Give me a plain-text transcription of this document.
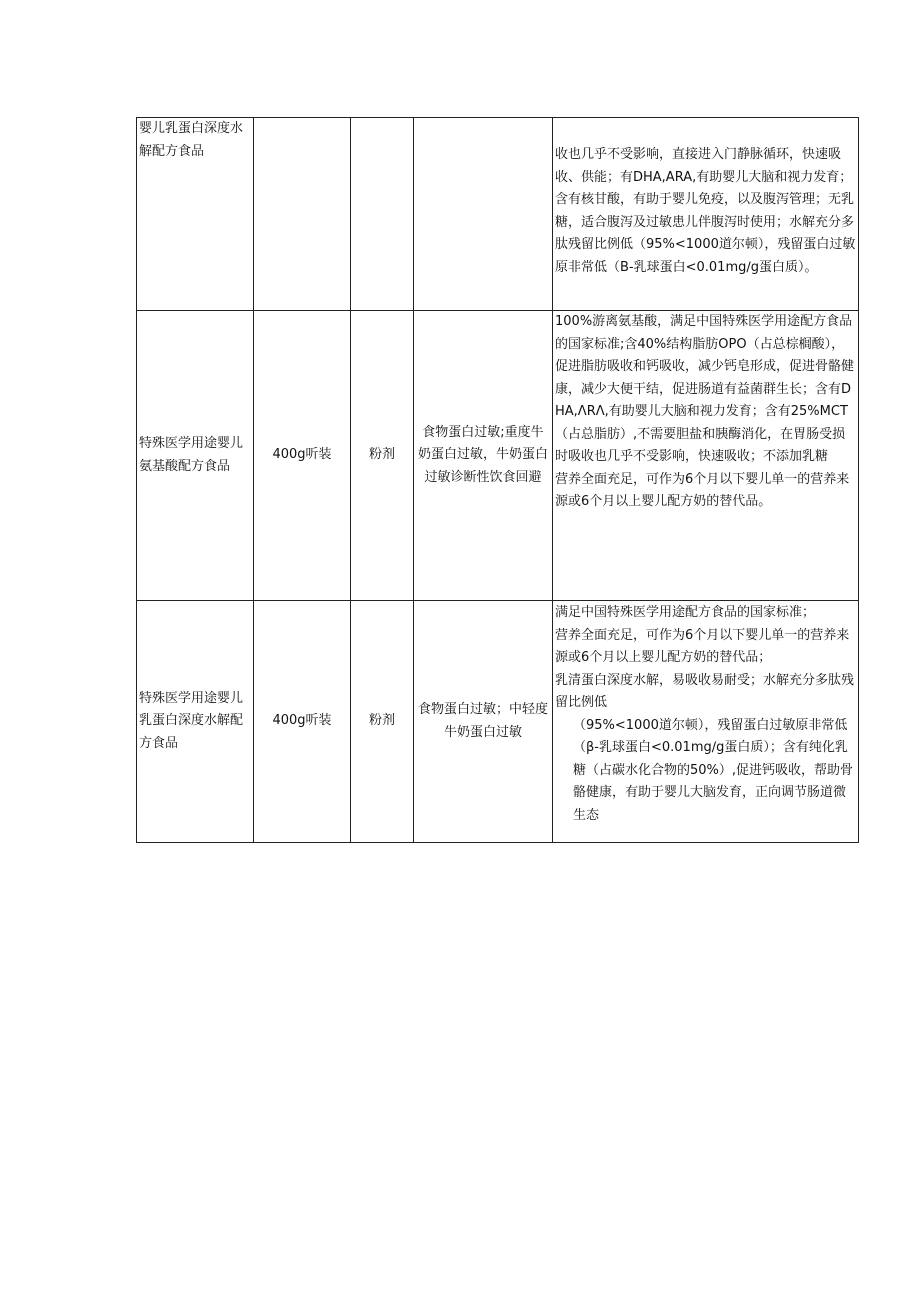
婴儿乳蛋白深度水解配方食品				收也几乎不受影响，直接进入门静脉循环，快速吸收、供能；有DHA,ARA,有助婴儿大脑和视力发育；含有核甘酸，有助于婴儿免疫，以及腹泻管理；无乳糖，适合腹泻及过敏患儿伴腹泻时使用；水解充分多肽残留比例低（95%<1000道尔顿），残留蛋白过敏原非常低（B-乳球蛋白<0.01mg∕g蛋白质）。

特殊医学用途婴儿氨基酸配方食品	400g听装	粉剂	食物蛋白过敏;重度牛奶蛋白过敏，牛奶蛋白过敏诊断性饮食回避	100%游离氨基酸，满足中国特殊医学用途配方食品的国家标准;含40%结构脂肪OPO（占总棕榈酸），促进脂肪吸收和钙吸收，减少钙皂形成，促进骨骼健康，减少大便干结，促进肠道有益菌群生长；含有DHA,ΛRΛ,有助婴儿大脑和视力发育；含有25%MCT（占总脂肪）,不需要胆盐和胰酶消化，在胃肠受损时吸收也几乎不受影响，快速吸收；不添加乳糖
营养全面充足，可作为6个月以下婴儿单一的营养来源或6个月以上婴儿配方奶的替代品。

特殊医学用途婴儿乳蛋白深度水解配方食品	400g听装	粉剂	食物蛋白过敏；中轻度牛奶蛋白过敏	满足中国特殊医学用途配方食品的国家标准；
营养全面充足，可作为6个月以下婴儿单一的营养来源或6个月以上婴儿配方奶的替代品；
乳清蛋白深度水解，易吸收易耐受；水解充分多肽残留比例低
（95%<1000道尔顿），残留蛋白过敏原非常低（β-乳球蛋白<0.01mg∕g蛋白质）；含有纯化乳糖（占碳水化合物的50%）,促进钙吸收，帮助骨骼健康，有助于婴儿大脑发育，正向调节肠道微生态
